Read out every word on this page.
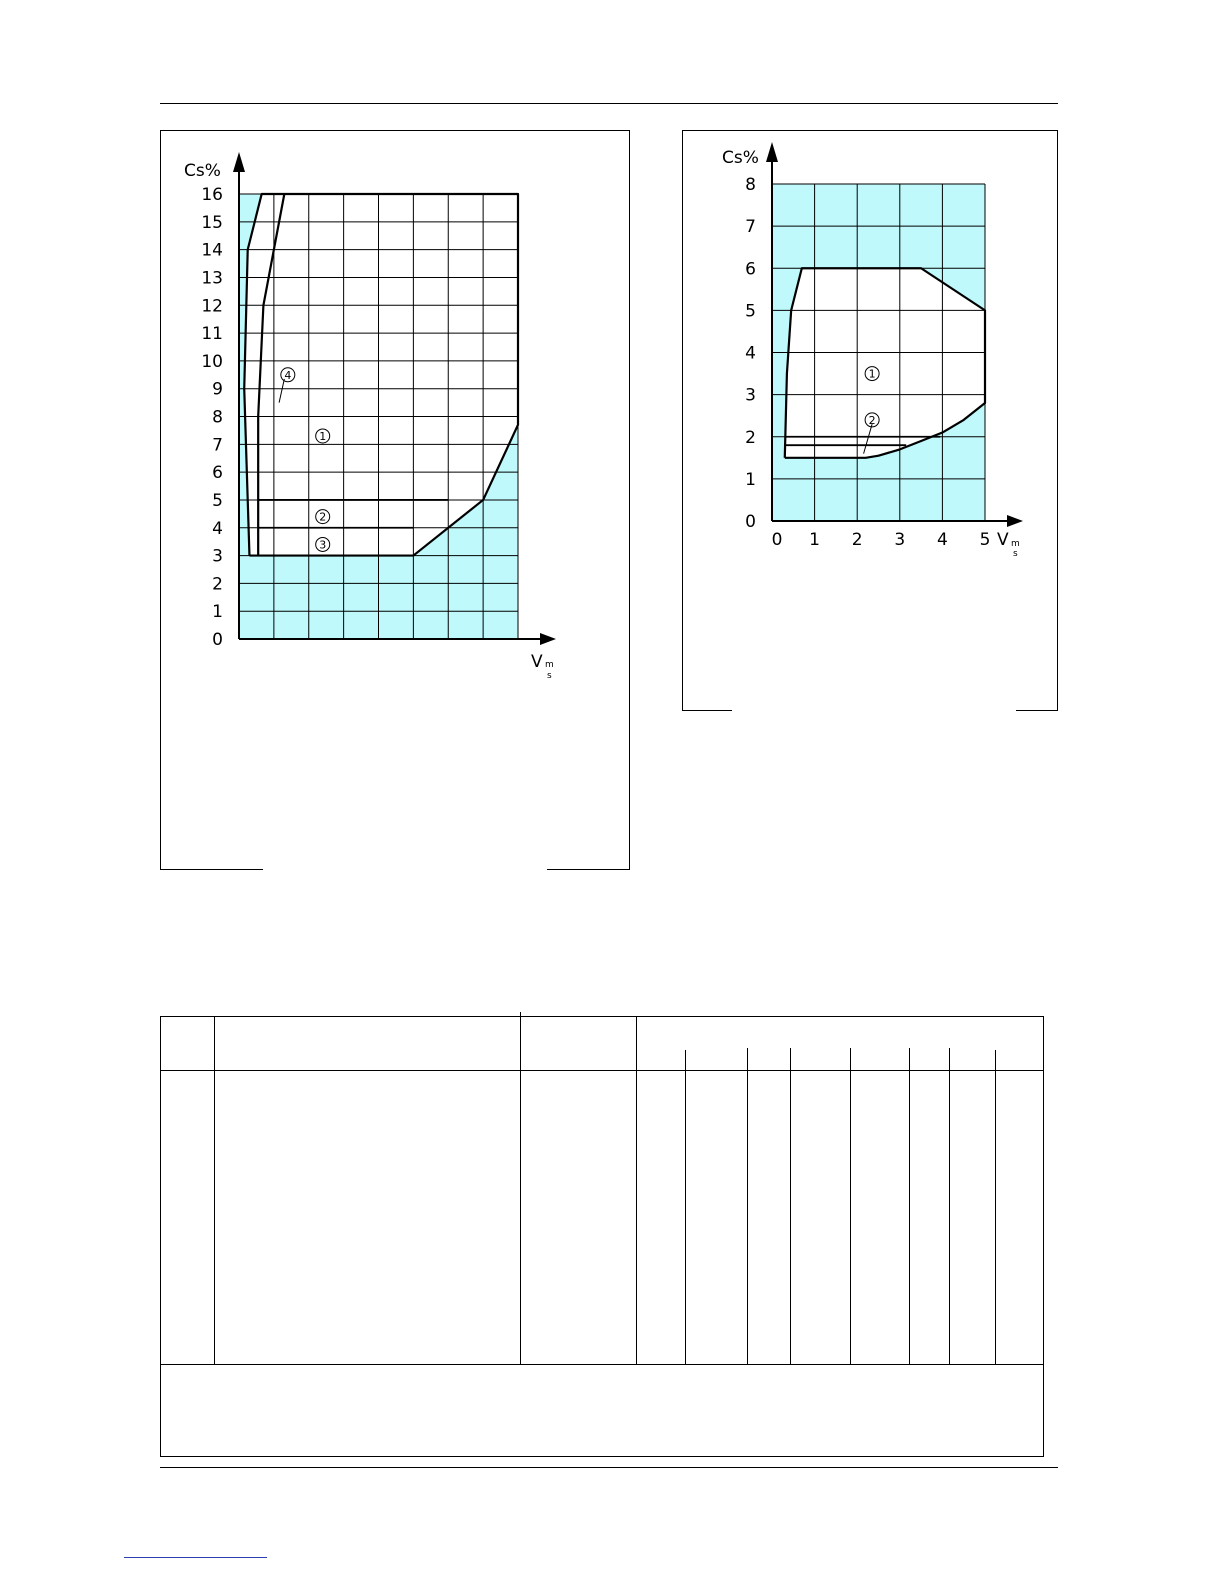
0
1
2
3
4
5
6
7
8
9
10
11
12
13
14
15
16
1
2
3
4
Cs%
V m
s
0
1
2
3
4
5
6
7
8
0 1 2 3 4 5
1
2
Cs%
V m
s
